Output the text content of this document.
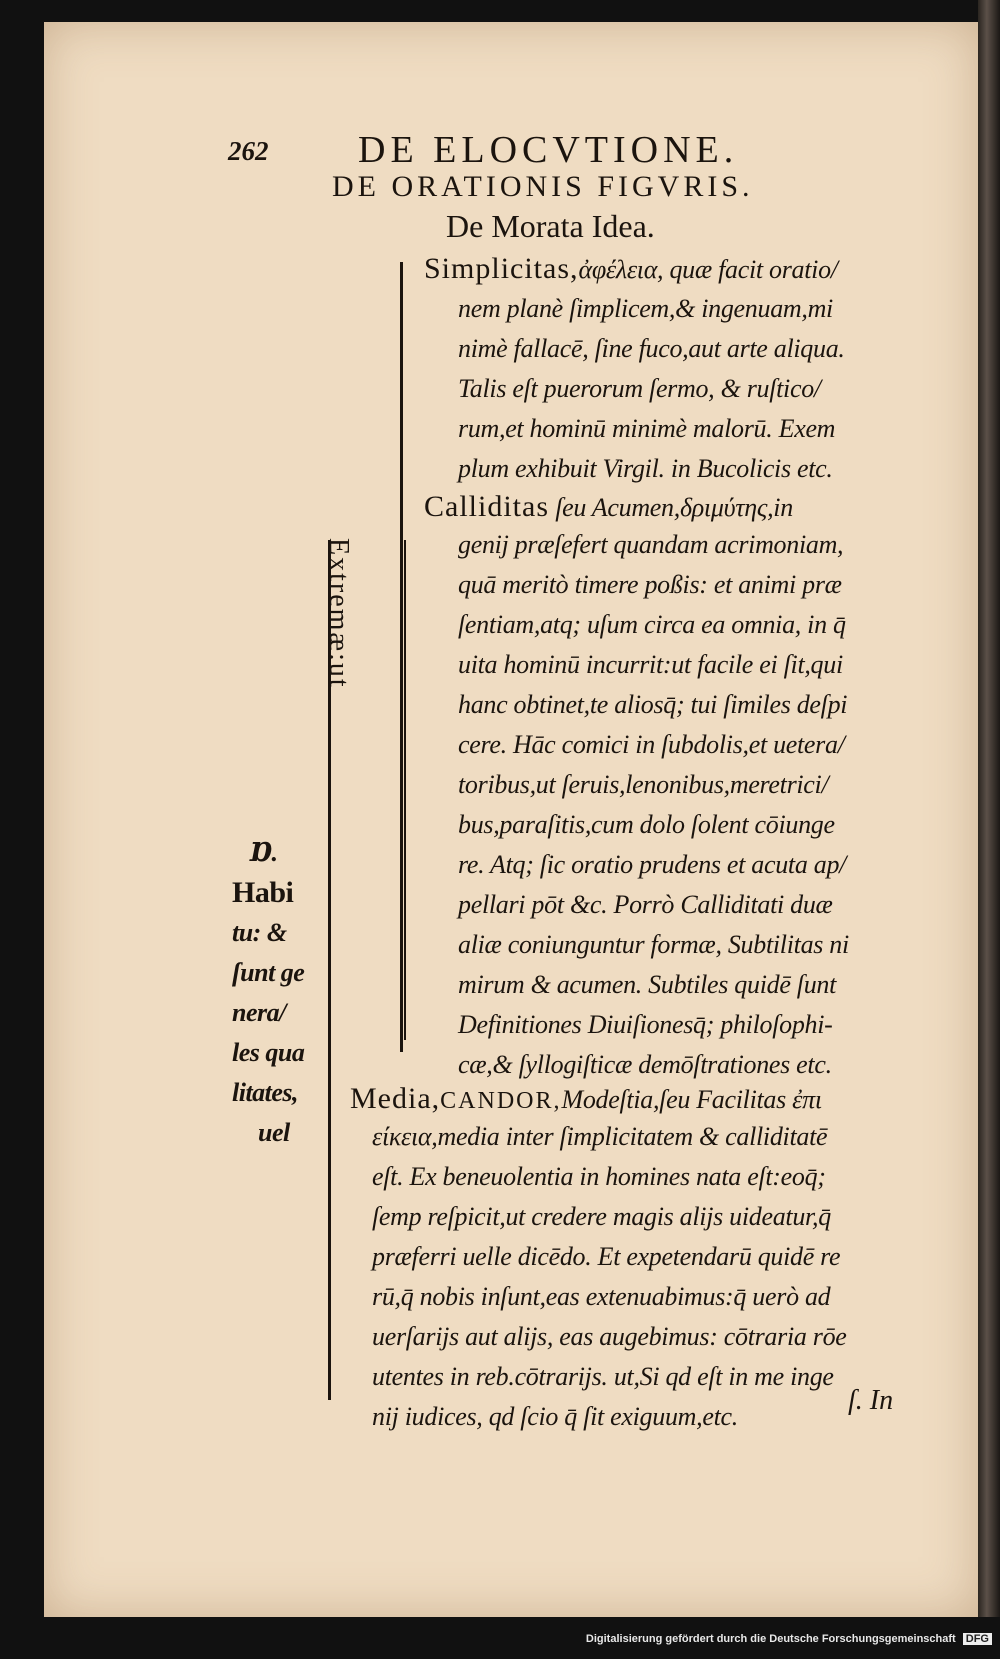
262 DE ELOCVTIONE.
DE ORATIONIS FIGVRIS.
De Morata Idea.
Ɒ.
Habi
tu: &
ſunt ge
nera/
les qua
litates,
uel
Extremæ:ut
Simplicitas,ἀφέλεια, quæ facit oratio/
nem planè ſimplicem,& ingenuam,mi
nimè fallacē, ſine fuco,aut arte aliqua.
Talis eſt puerorum ſermo, & ruſtico/
rum,et hominū minimè malorū. Exem
plum exhibuit Virgil. in Bucolicis etc.
Calliditas ſeu Acumen,δριμύτης,in
genij præſefert quandam acrimoniam,
quā meritò timere poßis: et animi præ
ſentiam,atq; uſum circa ea omnia, in q̄
uita hominū incurrit:ut facile ei ſit,qui
hanc obtinet,te aliosq̄; tui ſimiles deſpi
cere. Hāc comici in ſubdolis,et uetera/
toribus,ut ſeruis,lenonibus,meretrici/
bus,paraſitis,cum dolo ſolent cōiunge
re. Atq; ſic oratio prudens et acuta ap/
pellari pōt &c. Porrò Calliditati duæ
aliæ coniunguntur formæ, Subtilitas ni
mirum & acumen. Subtiles quidē ſunt
Definitiones Diuiſionesq̄; philoſophi-
cæ,& ſyllogiſticæ demōſtrationes etc.
Media,CANDOR,Modeſtia,ſeu Facilitas ἐπι
είκεια,media inter ſimplicitatem & calliditatē
eſt. Ex beneuolentia in homines nata eſt:eoq̄;
ſemp reſpicit,ut credere magis alijs uideatur,q̄
præferri uelle dicēdo. Et expetendarū quidē re
rū,q̄ nobis inſunt,eas extenuabimus:q̄ uerò ad
uerſarijs aut alijs, eas augebimus: cōtraria rōe
utentes in reb.cōtrarijs. ut,Si qd eſt in me inge
nij iudices, qd ſcio q̄ ſit exiguum,etc.
ſ. In
Digitalisierung gefördert durch die Deutsche Forschungsgemeinschaft DFG
